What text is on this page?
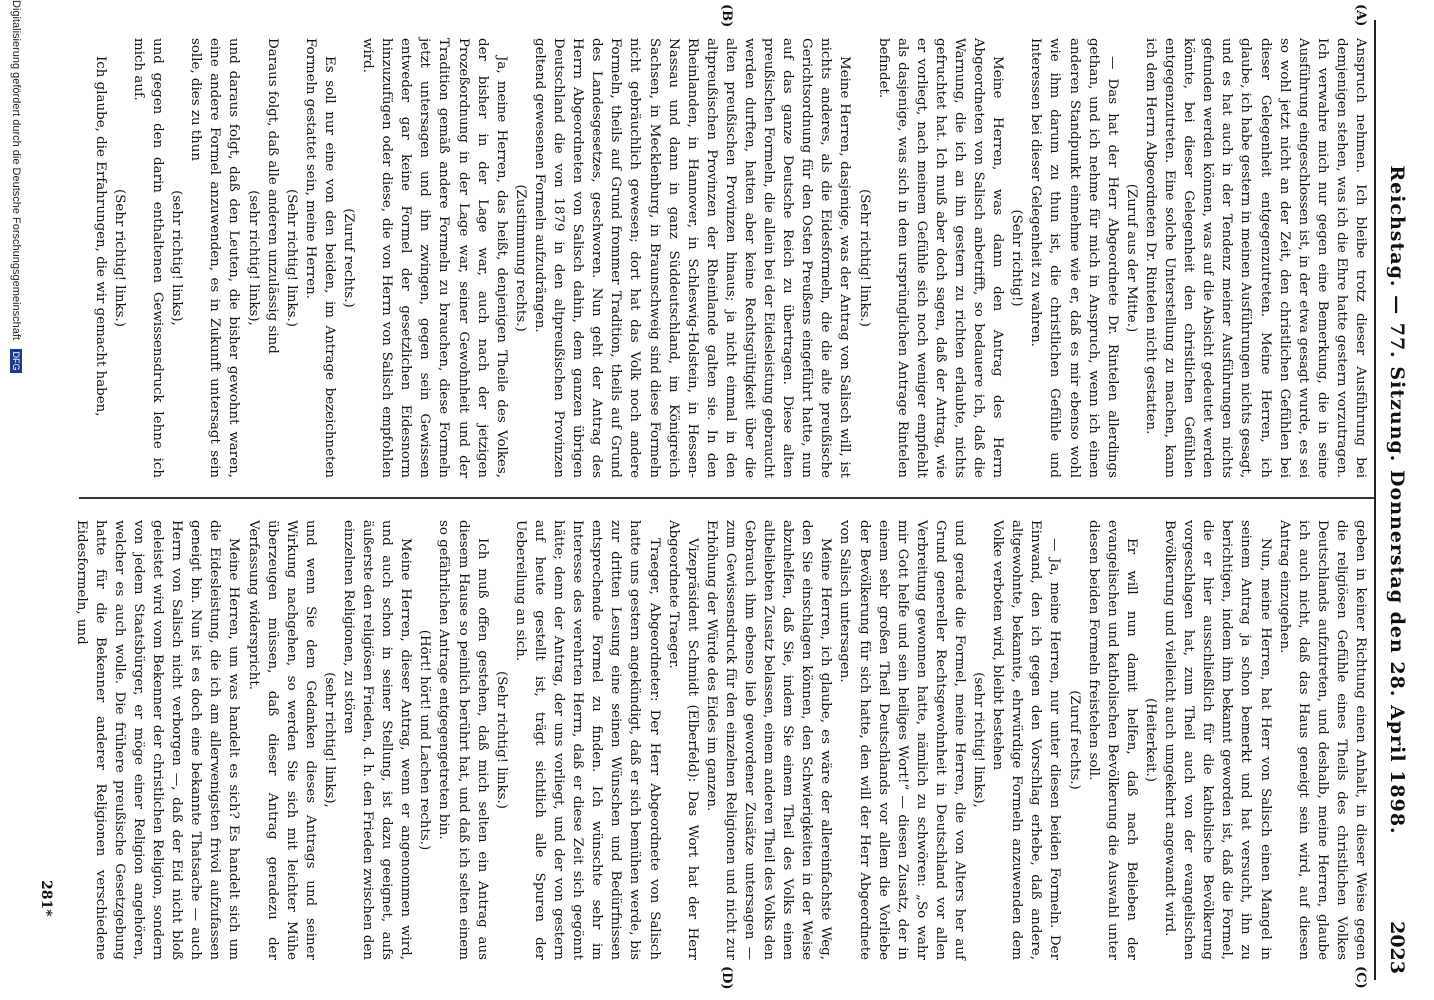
Reichstag. — 77. Sitzung. Donnerstag den 28. April 1898.
2023
(A)
(B)
(C)
(D)

Anspruch nehmen. Ich bleibe trotz dieser Ausführung bei demjenigen stehen, was ich die Ehre hatte gestern vorzutragen. Ich verwahre mich nur gegen eine Bemerkung, die in seine Ausführung eingeschlossen ist, in der etwa gesagt wurde, es sei so wohl jetzt nicht an der Zeit, den christlichen Gefühlen bei dieser Gelegenheit entgegenzutreten. Meine Herren, ich glaube, ich habe gestern in meinen Ausführungen nichts gesagt, und es hat auch in der Tendenz meiner Ausführungen nichts gefunden werden können, was auf die Absicht gedeutet werden könnte, bei dieser Gelegenheit den christlichen Gefühlen entgegenzutreten. Eine solche Unterstellung zu machen, kann ich dem Herrn Abgeordneten Dr. Rintelen nicht gestatten.

(Zuruf aus der Mitte.)

— Das hat der Herr Abgeordnete Dr. Rintelen allerdings gethan, und ich nehme für mich in Anspruch, wenn ich einen anderen Standpunkt einnehme wie er, daß es mir ebenso wohl wie ihm darum zu thun ist, die christlichen Gefühle und Interessen bei dieser Gelegenheit zu wahren.

(Sehr richtig!)

Meine Herren, was dann den Antrag des Herrn Abgeordneten von Salisch anbetrifft, so bedauere ich, daß die Warnung, die ich an ihn gestern zu richten erlaubte, nichts gefruchtet hat. Ich muß aber doch sagen, daß der Antrag, wie er vorliegt, nach meinem Gefühle sich noch weniger empfiehlt als dasjenige, was sich in dem ursprünglichen Antrage Rintelen befindet.

(Sehr richtig! links.)

Meine Herren, dasjenige, was der Antrag von Salisch will, ist nichts anderes, als die Eidesformeln, die die alte preußische Gerichtsordnung für den Osten Preußens eingeführt hatte, nun auf das ganze Deutsche Reich zu übertragen. Diese alten preußischen Formeln, die allein bei der Eidesleistung gebraucht werden durften, hatten aber keine Rechtsgültigkeit über die alten preußischen Provinzen hinaus; ja nicht einmal in den altpreußischen Provinzen der Rheinlande galten sie. In den Rheinlanden, in Hannover, in Schleswig-Holstein, in Hessen-Nassau und dann in ganz Süddeutschland, im Königreich Sachsen, in Mecklenburg, in Braunschweig sind diese Formeln nicht gebräuchlich gewesen; dort hat das Volk noch andere Formeln, theils auf Grund frommer Tradition, theils auf Grund des Landesgesetzes, geschworen. Nun geht der Antrag des Herrn Abgeordneten von Salisch dahin, dem ganzen übrigen Deutschland die von 1879 in den altpreußischen Provinzen geltend gewesenen Formeln aufzudrängen.

(Zustimmung rechts.)

Ja, meine Herren, das heißt, denjenigen Theile des Volkes, der bisher in der Lage war, auch nach der jetzigen Prozeßordnung in der Lage war, seiner Gewohnheit und der Tradition gemäß andere Formeln zu brauchen, diese Formeln jetzt untersagen und ihn zwingen, gegen sein Gewissen entweder gar keine Formel der gesetzlichen Eidesnorm hinzuzufügen oder diese, die von Herrn von Salisch empfohlen wird.

(Zuruf rechts.)

Es soll nur eine von den beiden, im Antrage bezeichneten Formeln gestattet sein, meine Herren.

(Sehr richtig! links.)

Daraus folgt, daß alle anderen unzulässig sind

(sehr richtig! links),

und daraus folgt, daß den Leuten, die bisher gewohnt waren, eine andere Formel anzuwenden, es in Zukunft untersagt sein solle, dies zu thun

(sehr richtig! links),

und gegen den darin enthaltenen Gewissensdruck lehne ich mich auf.

(Sehr richtig! links.)

Ich glaube, die Erfahrungen, die wir gemacht haben,

geben in keiner Richtung einen Anhalt, in dieser Weise gegen die religiösen Gefühle eines Theils des christlichen Volkes Deutschlands aufzutreten, und deshalb, meine Herren, glaube ich auch nicht, daß das Haus geneigt sein wird, auf diesen Antrag einzugehen.

Nun, meine Herren, hat Herr von Salisch einen Mangel in seinem Antrag ja schon bemerkt und hat versucht, ihn zu berichtigen, indem ihm bekannt geworden ist, daß die Formel, die er hier ausschließlich für die katholische Bevölkerung vorgeschlagen hat, zum Theil auch von der evangelischen Bevölkerung und vielleicht auch umgekehrt angewandt wird.

(Heiterkeit.)

Er will nun damit helfen, daß nach Belieben der evangelischen und katholischen Bevölkerung die Auswahl unter diesen beiden Formeln freistehen soll.

(Zuruf rechts.)

— Ja, meine Herren, nur unter diesen beiden Formeln. Der Einwand, den ich gegen den Vorschlag erhebe, daß andere, altgewohnte, bekannte, ehrwürdige Formeln anzuwenden dem Volke verboten wird, bleibt bestehen

(sehr richtig! links),

und gerade die Formel, meine Herren, die von Alters her auf Grund genereller Rechtsgewohnheit in Deutschland vor allen Verbreitung gewonnen hatte, nämlich zu schwören: „So wahr mir Gott helfe und sein heiliges Wort!“ — diesen Zusatz, der in einem sehr großen Theil Deutschlands vor allem die Vorliebe der Bevölkerung für sich hatte, den will der Herr Abgeordnete von Salisch untersagen.

Meine Herren, ich glaube, es wäre der allereinfachste Weg, den Sie einschlagen können, den Schwierigkeiten in der Weise abzuhelfen, daß Sie, indem Sie einem Theil des Volks einen altbeliebten Zusatz belassen, einem anderen Theil des Volks den Gebrauch ihm ebenso lieb gewordener Zusätze untersagen — zum Gewissensdruck für den einzelnen Religionen und nicht zur Erhöhung der Würde des Eides im ganzen.

Vizepräsident Schmidt (Elberfeld): Das Wort hat der Herr Abgeordnete Traeger.

Traeger, Abgeordneter: Der Herr Abgeordnete von Salisch hatte uns gestern angekündigt, daß er sich bemühen werde, bis zur dritten Lesung eine seinen Wünschen und Bedürfnissen entsprechende Formel zu finden. Ich wünschte sehr im Interesse des verehrten Herrn, daß er diese Zeit sich gegönnt hätte; denn der Antrag, der uns vorliegt, und der von gestern auf heute gestellt ist, trägt sichtlich alle Spuren der Uebereilung an sich.

(Sehr richtig! links.)

Ich muß offen gestehen, daß mich selten ein Antrag aus diesem Hause so peinlich berührt hat, und daß ich selten einem so gefährlichen Antrage entgegengetreten bin.

(Hört! hört! und Lachen rechts.)

Meine Herren, dieser Antrag, wenn er angenommen wird, und auch schon in seiner Stellung, ist dazu geeignet, aufs äußerste den religiösen Frieden, d. h. den Frieden zwischen den einzelnen Religionen, zu stören

(sehr richtig! links),

und wenn Sie dem Gedanken dieses Antrags und seiner Wirkung nachgehen, so werden Sie sich mit leichter Mühe überzeugen müssen, daß dieser Antrag geradezu der Verfassung widerspricht.

Meine Herren, um was handelt es sich? Es handelt sich um die Eidesleistung, die ich am allerwenigsten frivol aufzufassen geneigt bin. Nun ist es doch eine bekannte Thatsache — auch Herrn von Salisch nicht verborgen —, daß der Eid nicht bloß geleistet wird vom Bekenner der christlichen Religion, sondern von jedem Staatsbürger, er möge einer Religion angehören, welcher es auch wolle. Die frühere preußische Gesetzgebung hatte für die Bekenner anderer Religionen verschiedene Eidesformeln, und

281*
Digitalisierung gefördert durch die Deutsche Forschungsgemeinschaft DFG
